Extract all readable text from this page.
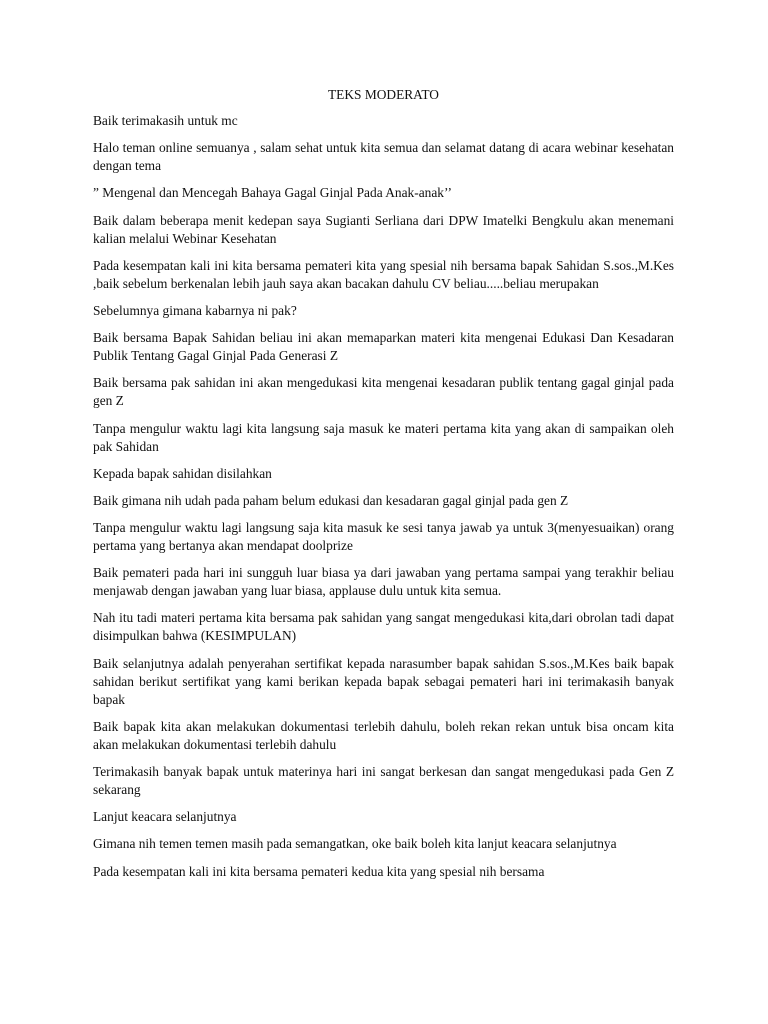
TEKS MODERATO

Baik terimakasih untuk mc

Halo teman online semuanya , salam sehat untuk kita semua dan selamat datang di acara webinar kesehatan dengan tema

” Mengenal dan Mencegah Bahaya Gagal Ginjal Pada Anak-anak’’

Baik dalam beberapa menit kedepan saya Sugianti Serliana dari DPW Imatelki Bengkulu akan menemani kalian melalui Webinar Kesehatan

Pada kesempatan kali ini kita bersama pemateri kita yang spesial nih bersama bapak Sahidan S.sos.,M.Kes ,baik sebelum berkenalan lebih jauh saya akan bacakan dahulu CV beliau.....beliau merupakan

Sebelumnya gimana kabarnya ni pak?

Baik bersama Bapak Sahidan beliau ini akan memaparkan materi kita mengenai Edukasi Dan Kesadaran Publik Tentang Gagal Ginjal Pada Generasi Z

Baik bersama pak sahidan ini akan mengedukasi kita mengenai kesadaran publik tentang gagal ginjal pada gen Z

Tanpa mengulur waktu lagi kita langsung saja masuk ke materi pertama kita yang akan di sampaikan oleh pak Sahidan

Kepada bapak sahidan disilahkan

Baik gimana nih udah pada paham belum edukasi dan kesadaran gagal ginjal pada gen Z

Tanpa mengulur waktu lagi langsung saja kita masuk ke sesi tanya jawab ya untuk 3(menyesuaikan) orang pertama yang bertanya akan mendapat doolprize

Baik pemateri pada hari ini sungguh luar biasa ya dari jawaban yang pertama sampai yang terakhir beliau menjawab dengan jawaban yang luar biasa, applause dulu untuk kita semua.

Nah itu tadi materi pertama kita bersama pak sahidan yang sangat mengedukasi kita,dari obrolan tadi dapat disimpulkan bahwa (KESIMPULAN)

Baik selanjutnya adalah penyerahan sertifikat kepada narasumber bapak sahidan S.sos.,M.Kes baik bapak sahidan berikut sertifikat yang kami berikan kepada bapak sebagai pemateri hari ini terimakasih banyak bapak

Baik bapak kita akan melakukan dokumentasi terlebih dahulu, boleh rekan rekan untuk bisa oncam kita akan melakukan dokumentasi terlebih dahulu

Terimakasih banyak bapak untuk materinya hari ini sangat berkesan dan sangat mengedukasi pada Gen Z sekarang

Lanjut keacara selanjutnya

Gimana nih temen temen masih pada semangatkan, oke baik boleh kita lanjut keacara selanjutnya

Pada kesempatan kali ini kita bersama pemateri kedua kita yang spesial nih bersama
